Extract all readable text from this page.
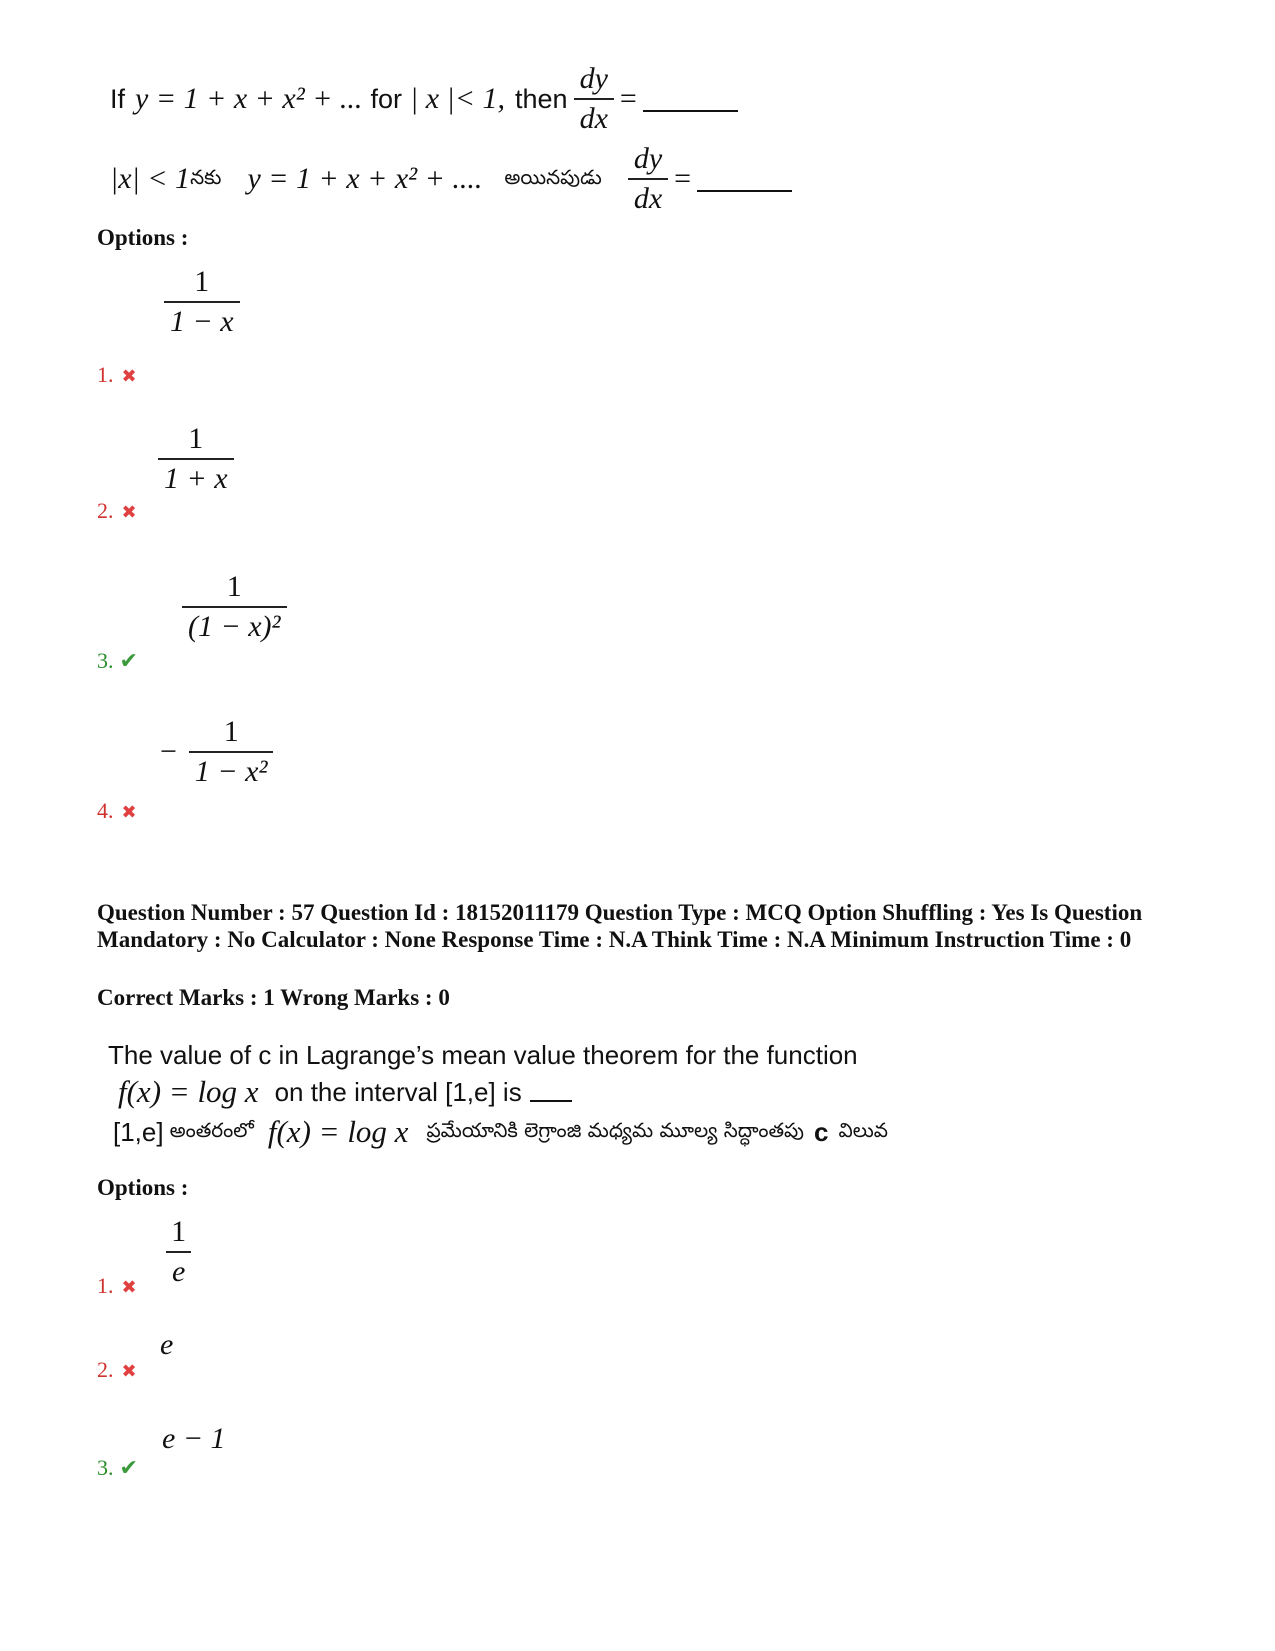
If y = 1 + x + x² + ... for | x |< 1, then $\frac{dy}{dx}$ =
|x| < 1 నకు y = 1 + x + x² + .... అయినపుడు $\frac{dy}{dx}$ =
Options :
$\frac{1}{1 - x}$
1. ✖
$\frac{1}{1 + x}$
2. ✖
$\frac{1}{\text{(1 − x)²}}$
3. ✔
− $\frac{1}{\text{1 − x²}}$
4. ✖
Question Number : 57 Question Id : 18152011179 Question Type : MCQ Option Shuffling : Yes Is Question Mandatory : No Calculator : None Response Time : N.A Think Time : N.A Minimum Instruction Time : 0
Correct Marks : 1 Wrong Marks : 0
The value of c in Lagrange’s mean value theorem for the function
f(x) = log x on the interval [1,e] is
[1,e] అంతరంలో f(x) = log x ప్రమేయానికి లెగ్రాంజి మధ్యమ మూల్య సిద్ధాంతపు c విలువ
Options :
$\frac{1}{e}$
1. ✖
e
2. ✖
e − 1
3. ✔
